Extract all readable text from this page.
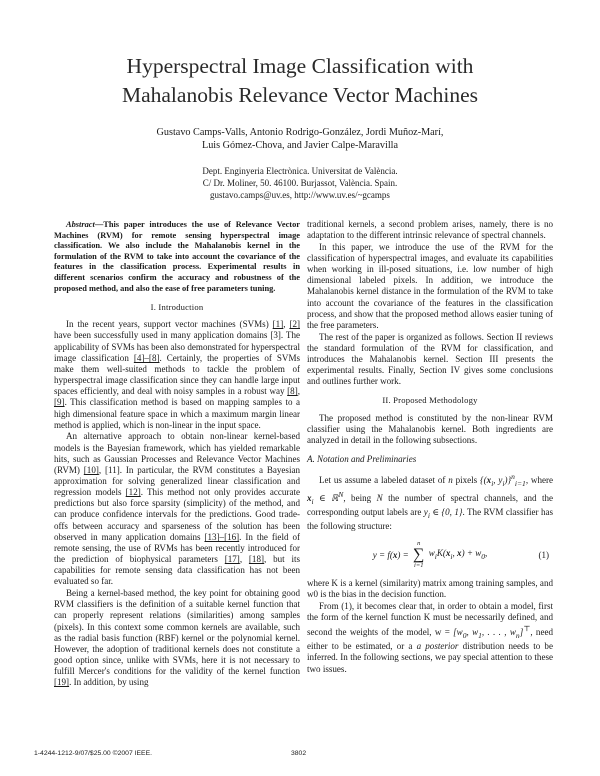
Hyperspectral Image Classification with
Mahalanobis Relevance Vector Machines
Gustavo Camps-Valls, Antonio Rodrigo-González, Jordi Muñoz-Marí,
Luis Gómez-Chova, and Javier Calpe-Maravilla
Dept. Enginyeria Electrònica. Universitat de València.
C/ Dr. Moliner, 50. 46100. Burjassot, València. Spain.
gustavo.camps@uv.es, http://www.uv.es/~gcamps

Abstract—This paper introduces the use of Relevance Vector Machines (RVM) for remote sensing hyperspectral image classification. We also include the Mahalanobis kernel in the formulation of the RVM to take into account the covariance of the features in the classification process. Experimental results in different scenarios confirm the accuracy and robustness of the proposed method, and also the ease of free parameters tuning.

I. Introduction

In the recent years, support vector machines (SVMs) [1], [2] have been successfully used in many application domains [3]. The applicability of SVMs has been also demonstrated for hyperspectral image classification [4]–[8]. Certainly, the properties of SVMs make them well-suited methods to tackle the problem of hyperspectral image classification since they can handle large input spaces efficiently, and deal with noisy samples in a robust way [8], [9]. This classification method is based on mapping samples to a high dimensional feature space in which a maximum margin linear method is applied, which is non-linear in the input space.

An alternative approach to obtain non-linear kernel-based models is the Bayesian framework, which has yielded remarkable hits, such as Gaussian Processes and Relevance Vector Machines (RVM) [10], [11]. In particular, the RVM constitutes a Bayesian approximation for solving generalized linear classification and regression models [12]. This method not only provides accurate predictions but also force sparsity (simplicity) of the method, and can produce confidence intervals for the predictions. Good trade-offs between accuracy and sparseness of the solution has been observed in many application domains [13]–[16]. In the field of remote sensing, the use of RVMs has been recently introduced for the prediction of biophysical parameters [17], [18], but its capabilities for remote sensing data classification has not been evaluated so far.

Being a kernel-based method, the key point for obtaining good RVM classifiers is the definition of a suitable kernel function that can properly represent relations (similarities) among samples (pixels). In this context some common kernels are available, such as the radial basis function (RBF) kernel or the polynomial kernel. However, the adoption of traditional kernels does not constitute a good option since, unlike with SVMs, here it is not necessary to fulfill Mercer's conditions for the validity of the kernel function [19]. In addition, by using

traditional kernels, a second problem arises, namely, there is no adaptation to the different intrinsic relevance of spectral channels.

In this paper, we introduce the use of the RVM for the classification of hyperspectral images, and evaluate its capabilities when working in ill-posed situations, i.e. low number of high dimensional labeled pixels. In addition, we introduce the Mahalanobis kernel distance in the formulation of the RVM to take into account the covariance of the features in the classification process, and show that the proposed method allows easier tuning of the free parameters.

The rest of the paper is organized as follows. Section II reviews the standard formulation of the RVM for classification, and introduces the Mahalanobis kernel. Section III presents the experimental results. Finally, Section IV gives some conclusions and outlines further work.

II. Proposed Methodology

The proposed method is constituted by the non-linear RVM classifier using the Mahalanobis kernel. Both ingredients are analyzed in detail in the following subsections.

A. Notation and Preliminaries

Let us assume a labeled dataset of n pixels {($x_i$, $y_i)\}^n_{i=1}$, where $x_i$ ∈ ℝ$^N$, being N the number of spectral channels, and the corresponding output labels are $y_i$ ∈ {0, 1}. The RVM classifier has the following structure:

y = f(x) =
n
∑
i=1
$w_iK(x_i$, $x) + w_0$,	(1)

where K is a kernel (similarity) matrix among training samples, and w0 is the bias in the decision function.

From (1), it becomes clear that, in order to obtain a model, first the form of the kernel function K must be necessarily defined, and second the weights of the model, $w = [w_0$, $w_1$, . . . , $w_n]^⊤$, need either to be estimated, or a a posterior distribution needs to be inferred. In the following sections, we pay special attention to these two issues.

1-4244-1212-9/07/$25.00 ©2007 IEEE.	3802
